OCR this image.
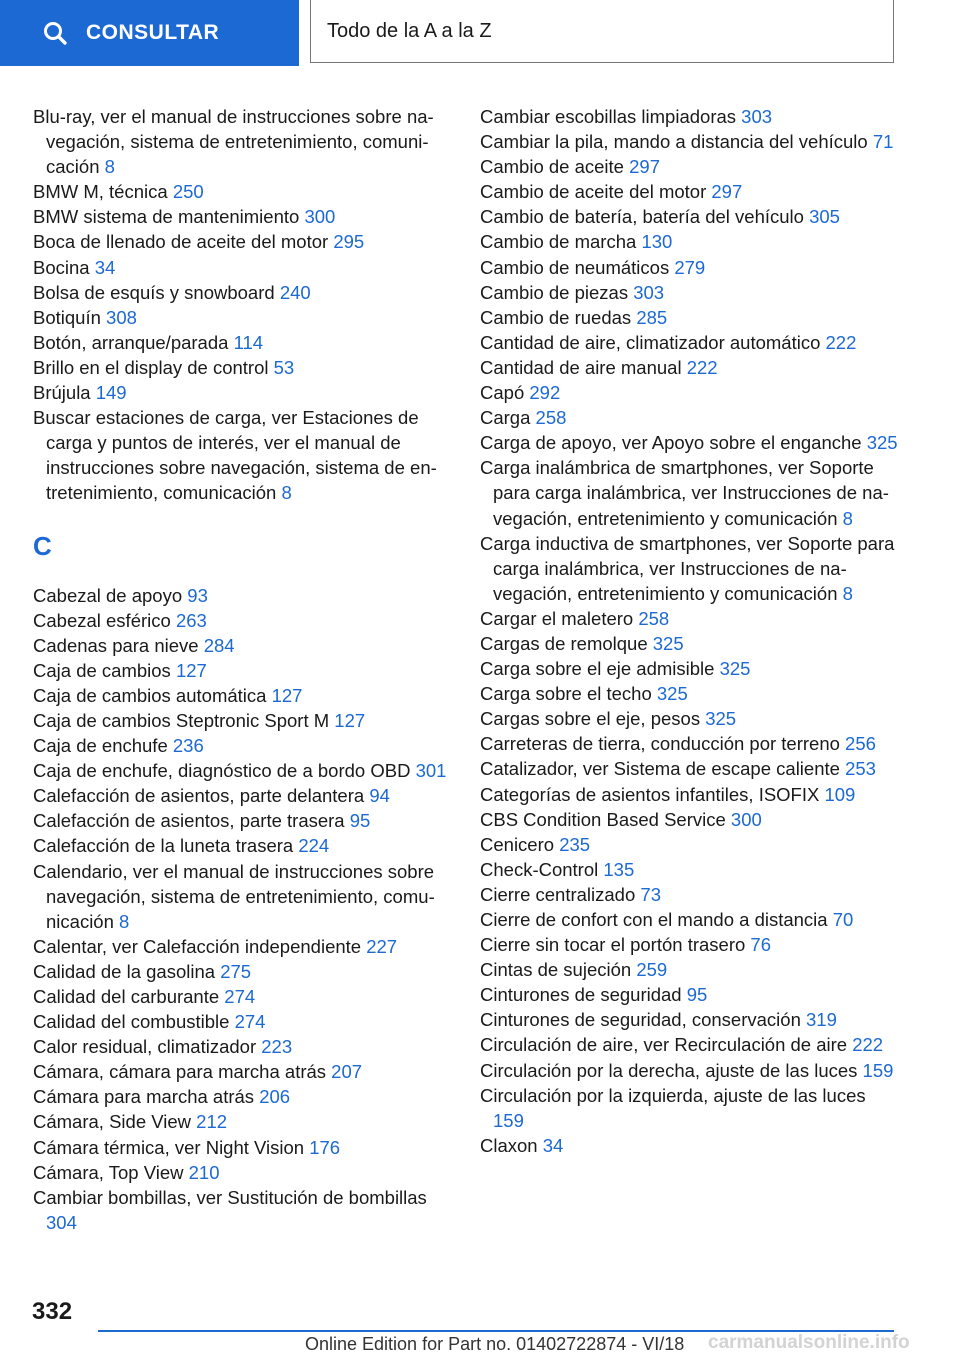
CONSULTAR	Todo de la A a la Z
Blu-ray, ver el manual de instrucciones sobre navegación, sistema de entretenimiento, comunicación 8
BMW M, técnica 250
BMW sistema de mantenimiento 300
Boca de llenado de aceite del motor 295
Bocina 34
Bolsa de esquís y snowboard 240
Botiquín 308
Botón, arranque/parada 114
Brillo en el display de control 53
Brújula 149
Buscar estaciones de carga, ver Estaciones de carga y puntos de interés, ver el manual de instrucciones sobre navegación, sistema de entretenimiento, comunicación 8
C
Cabezal de apoyo 93
Cabezal esférico 263
Cadenas para nieve 284
Caja de cambios 127
Caja de cambios automática 127
Caja de cambios Steptronic Sport M 127
Caja de enchufe 236
Caja de enchufe, diagnóstico de a bordo OBD 301
Calefacción de asientos, parte delantera 94
Calefacción de asientos, parte trasera 95
Calefacción de la luneta trasera 224
Calendario, ver el manual de instrucciones sobre navegación, sistema de entretenimiento, comunicación 8
Calentar, ver Calefacción independiente 227
Calidad de la gasolina 275
Calidad del carburante 274
Calidad del combustible 274
Calor residual, climatizador 223
Cámara, cámara para marcha atrás 207
Cámara para marcha atrás 206
Cámara, Side View 212
Cámara térmica, ver Night Vision 176
Cámara, Top View 210
Cambiar bombillas, ver Sustitución de bombillas 304
Cambiar escobillas limpiadoras 303
Cambiar la pila, mando a distancia del vehículo 71
Cambio de aceite 297
Cambio de aceite del motor 297
Cambio de batería, batería del vehículo 305
Cambio de marcha 130
Cambio de neumáticos 279
Cambio de piezas 303
Cambio de ruedas 285
Cantidad de aire, climatizador automático 222
Cantidad de aire manual 222
Capó 292
Carga 258
Carga de apoyo, ver Apoyo sobre el enganche 325
Carga inalámbrica de smartphones, ver Soporte para carga inalámbrica, ver Instrucciones de navegación, entretenimiento y comunicación 8
Carga inductiva de smartphones, ver Soporte para carga inalámbrica, ver Instrucciones de navegación, entretenimiento y comunicación 8
Cargar el maletero 258
Cargas de remolque 325
Carga sobre el eje admisible 325
Carga sobre el techo 325
Cargas sobre el eje, pesos 325
Carreteras de tierra, conducción por terreno 256
Catalizador, ver Sistema de escape caliente 253
Categorías de asientos infantiles, ISOFIX 109
CBS Condition Based Service 300
Cenicero 235
Check-Control 135
Cierre centralizado 73
Cierre de confort con el mando a distancia 70
Cierre sin tocar el portón trasero 76
Cintas de sujeción 259
Cinturones de seguridad 95
Cinturones de seguridad, conservación 319
Circulación de aire, ver Recirculación de aire 222
Circulación por la derecha, ajuste de las luces 159
Circulación por la izquierda, ajuste de las luces 159
Claxon 34
332
Online Edition for Part no. 01402722874 - VI/18 carmanualsonline.info
